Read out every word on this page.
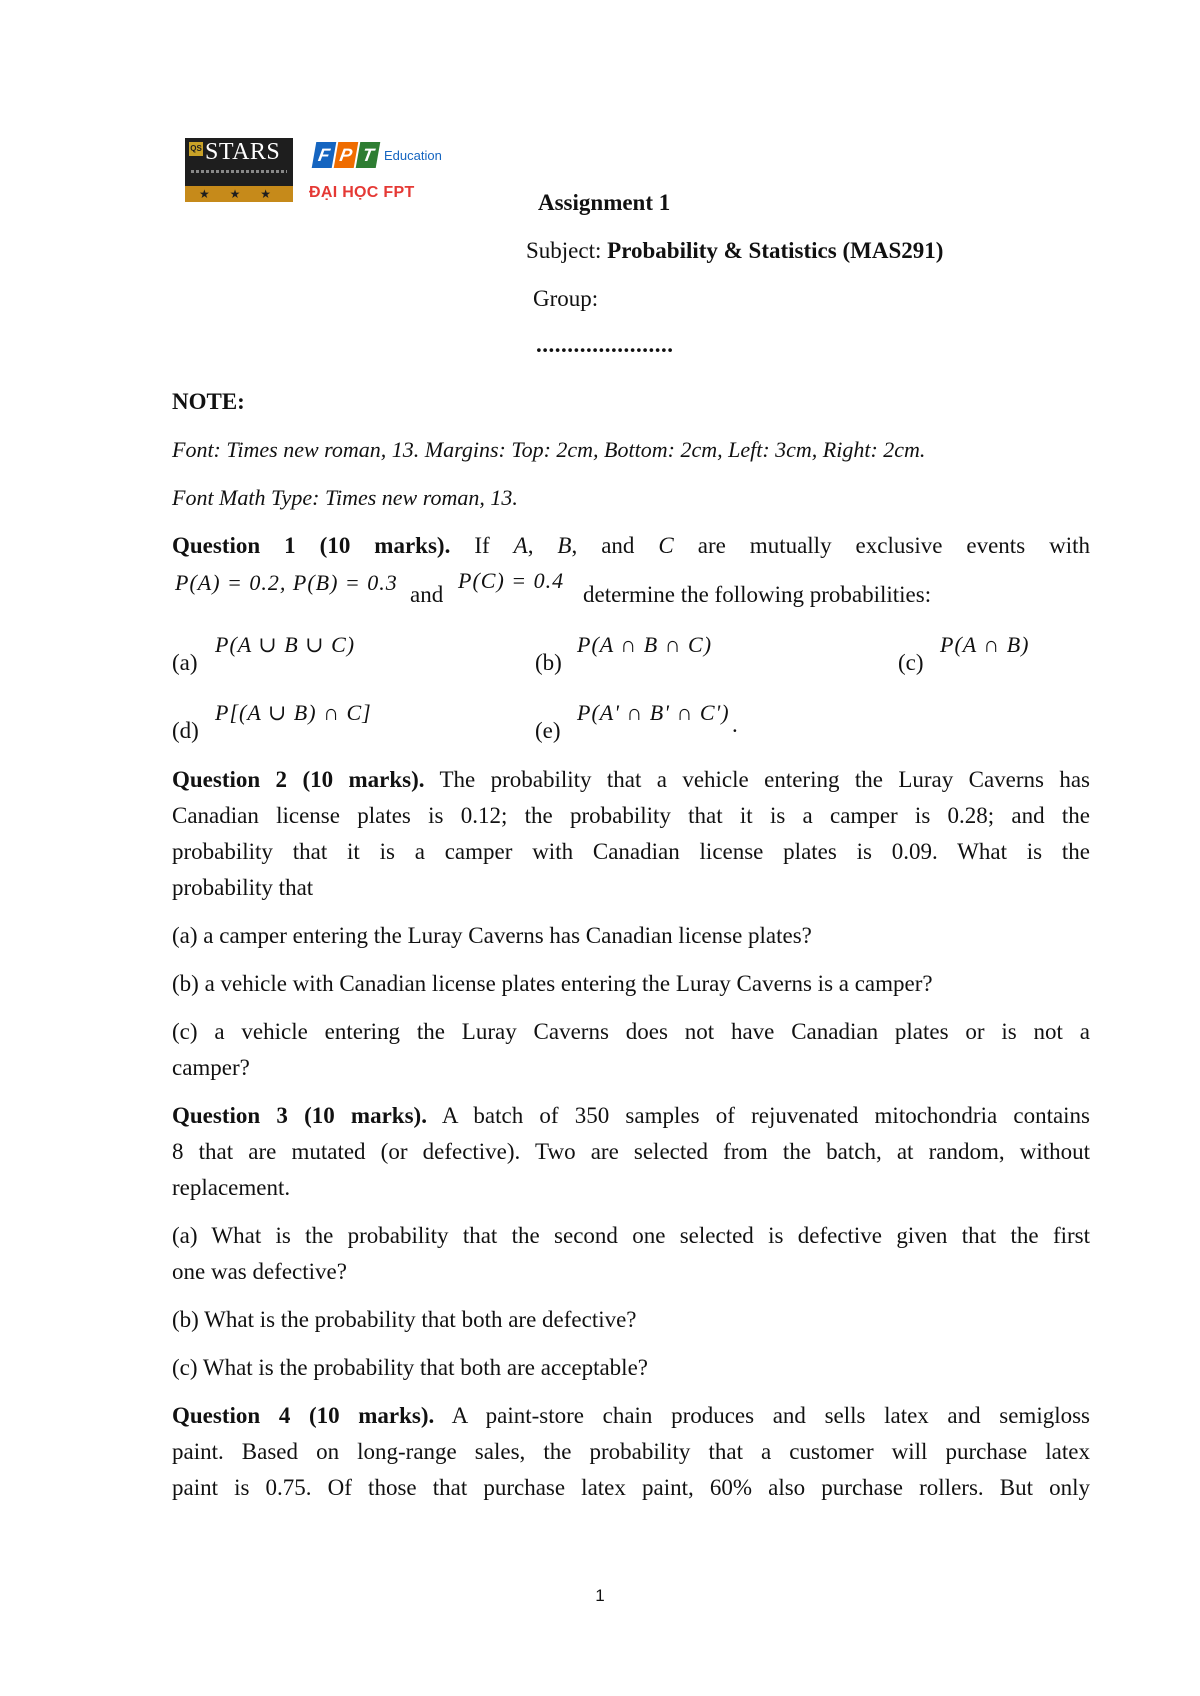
QS STARS
★ ★ ★
F P T Education
ĐẠI HỌC FPT	Assignment 1
Subject: Probability & Statistics (MAS291)
Group:
......................
NOTE:
Font: Times new roman, 13. Margins: Top: 2cm, Bottom: 2cm, Left: 3cm, Right: 2cm.
Font Math Type: Times new roman, 13.
Question 1 (10 marks). If A, B, and C are mutually exclusive events with
P(A) = 0.2, P(B) = 0.3 and
P(C) = 0.4
determine the following probabilities:
(a)
P(A ∪ B ∪ C)
(b)
P(A ∩ B ∩ C)
(c)
P(A ∩ B)
(d)
P[(A ∪ B) ∩ C]
(e)
P(A' ∩ B' ∩ C') .
Question 2 (10 marks). The probability that a vehicle entering the Luray Caverns has
Canadian license plates is 0.12; the probability that it is a camper is 0.28; and the
probability that it is a camper with Canadian license plates is 0.09. What is the
probability that
(a) a camper entering the Luray Caverns has Canadian license plates?
(b) a vehicle with Canadian license plates entering the Luray Caverns is a camper?
(c) a vehicle entering the Luray Caverns does not have Canadian plates or is not a
camper?
Question 3 (10 marks). A batch of 350 samples of rejuvenated mitochondria contains
8 that are mutated (or defective). Two are selected from the batch, at random, without
replacement.
(a) What is the probability that the second one selected is defective given that the first
one was defective?
(b) What is the probability that both are defective?
(c) What is the probability that both are acceptable?
Question 4 (10 marks). A paint-store chain produces and sells latex and semigloss
paint. Based on long-range sales, the probability that a customer will purchase latex
paint is 0.75. Of those that purchase latex paint, 60% also purchase rollers. But only
1
